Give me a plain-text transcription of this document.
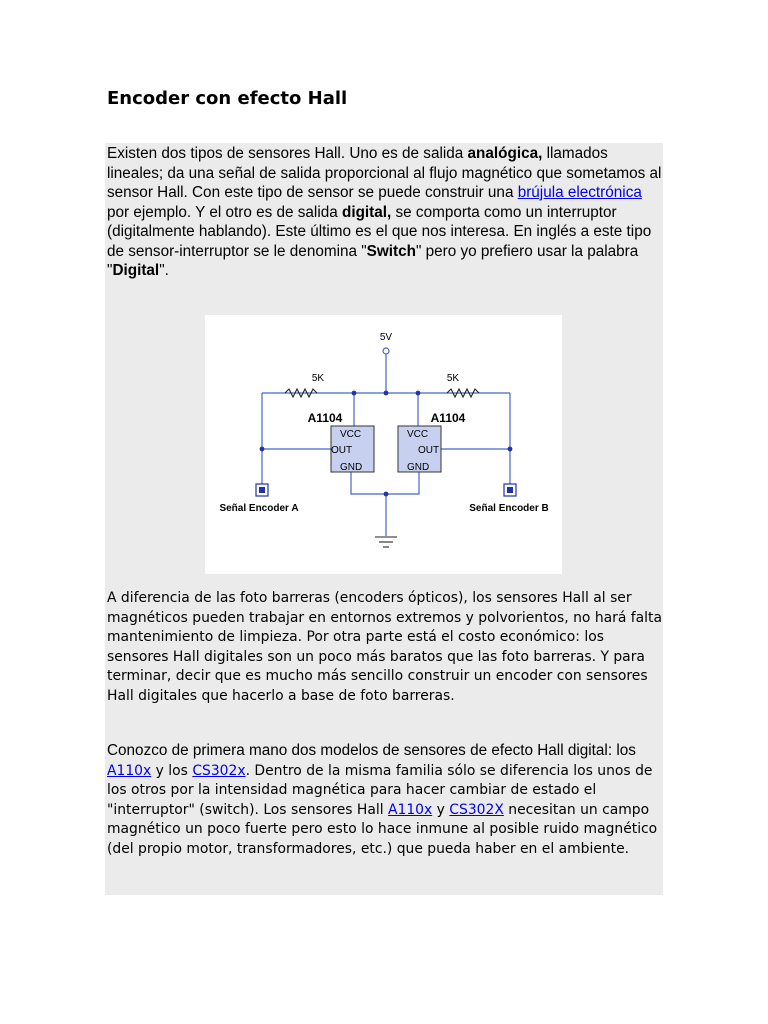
Encoder con efecto Hall

Existen dos tipos de sensores Hall. Uno es de salida analógica, llamados lineales; da una señal de salida proporcional al flujo magnético que sometamos al sensor Hall. Con este tipo de sensor se puede construir una brújula electrónica por ejemplo. Y el otro es de salida digital, se comporta como un interruptor (digitalmente hablando). Este último es el que nos interesa. En inglés a este tipo de sensor-interruptor se le denomina "Switch" pero yo prefiero usar la palabra "Digital".

5V
5K	5K
A1104	A1104
VCC
OUT
GND
VCC
OUT
GND
Señal Encoder A	Señal Encoder B

A diferencia de las foto barreras (encoders ópticos), los sensores Hall al ser magnéticos pueden trabajar en entornos extremos y polvorientos, no hará falta mantenimiento de limpieza. Por otra parte está el costo económico: los sensores Hall digitales son un poco más baratos que las foto barreras. Y para terminar, decir que es mucho más sencillo construir un encoder con sensores Hall digitales que hacerlo a base de foto barreras.

Conozco de primera mano dos modelos de sensores de efecto Hall digital: los A110x y los CS302x. Dentro de la misma familia sólo se diferencia los unos de los otros por la intensidad magnética para hacer cambiar de estado el "interruptor" (switch). Los sensores Hall A110x y CS302X necesitan un campo magnético un poco fuerte pero esto lo hace inmune al posible ruido magnético (del propio motor, transformadores, etc.) que pueda haber en el ambiente.
